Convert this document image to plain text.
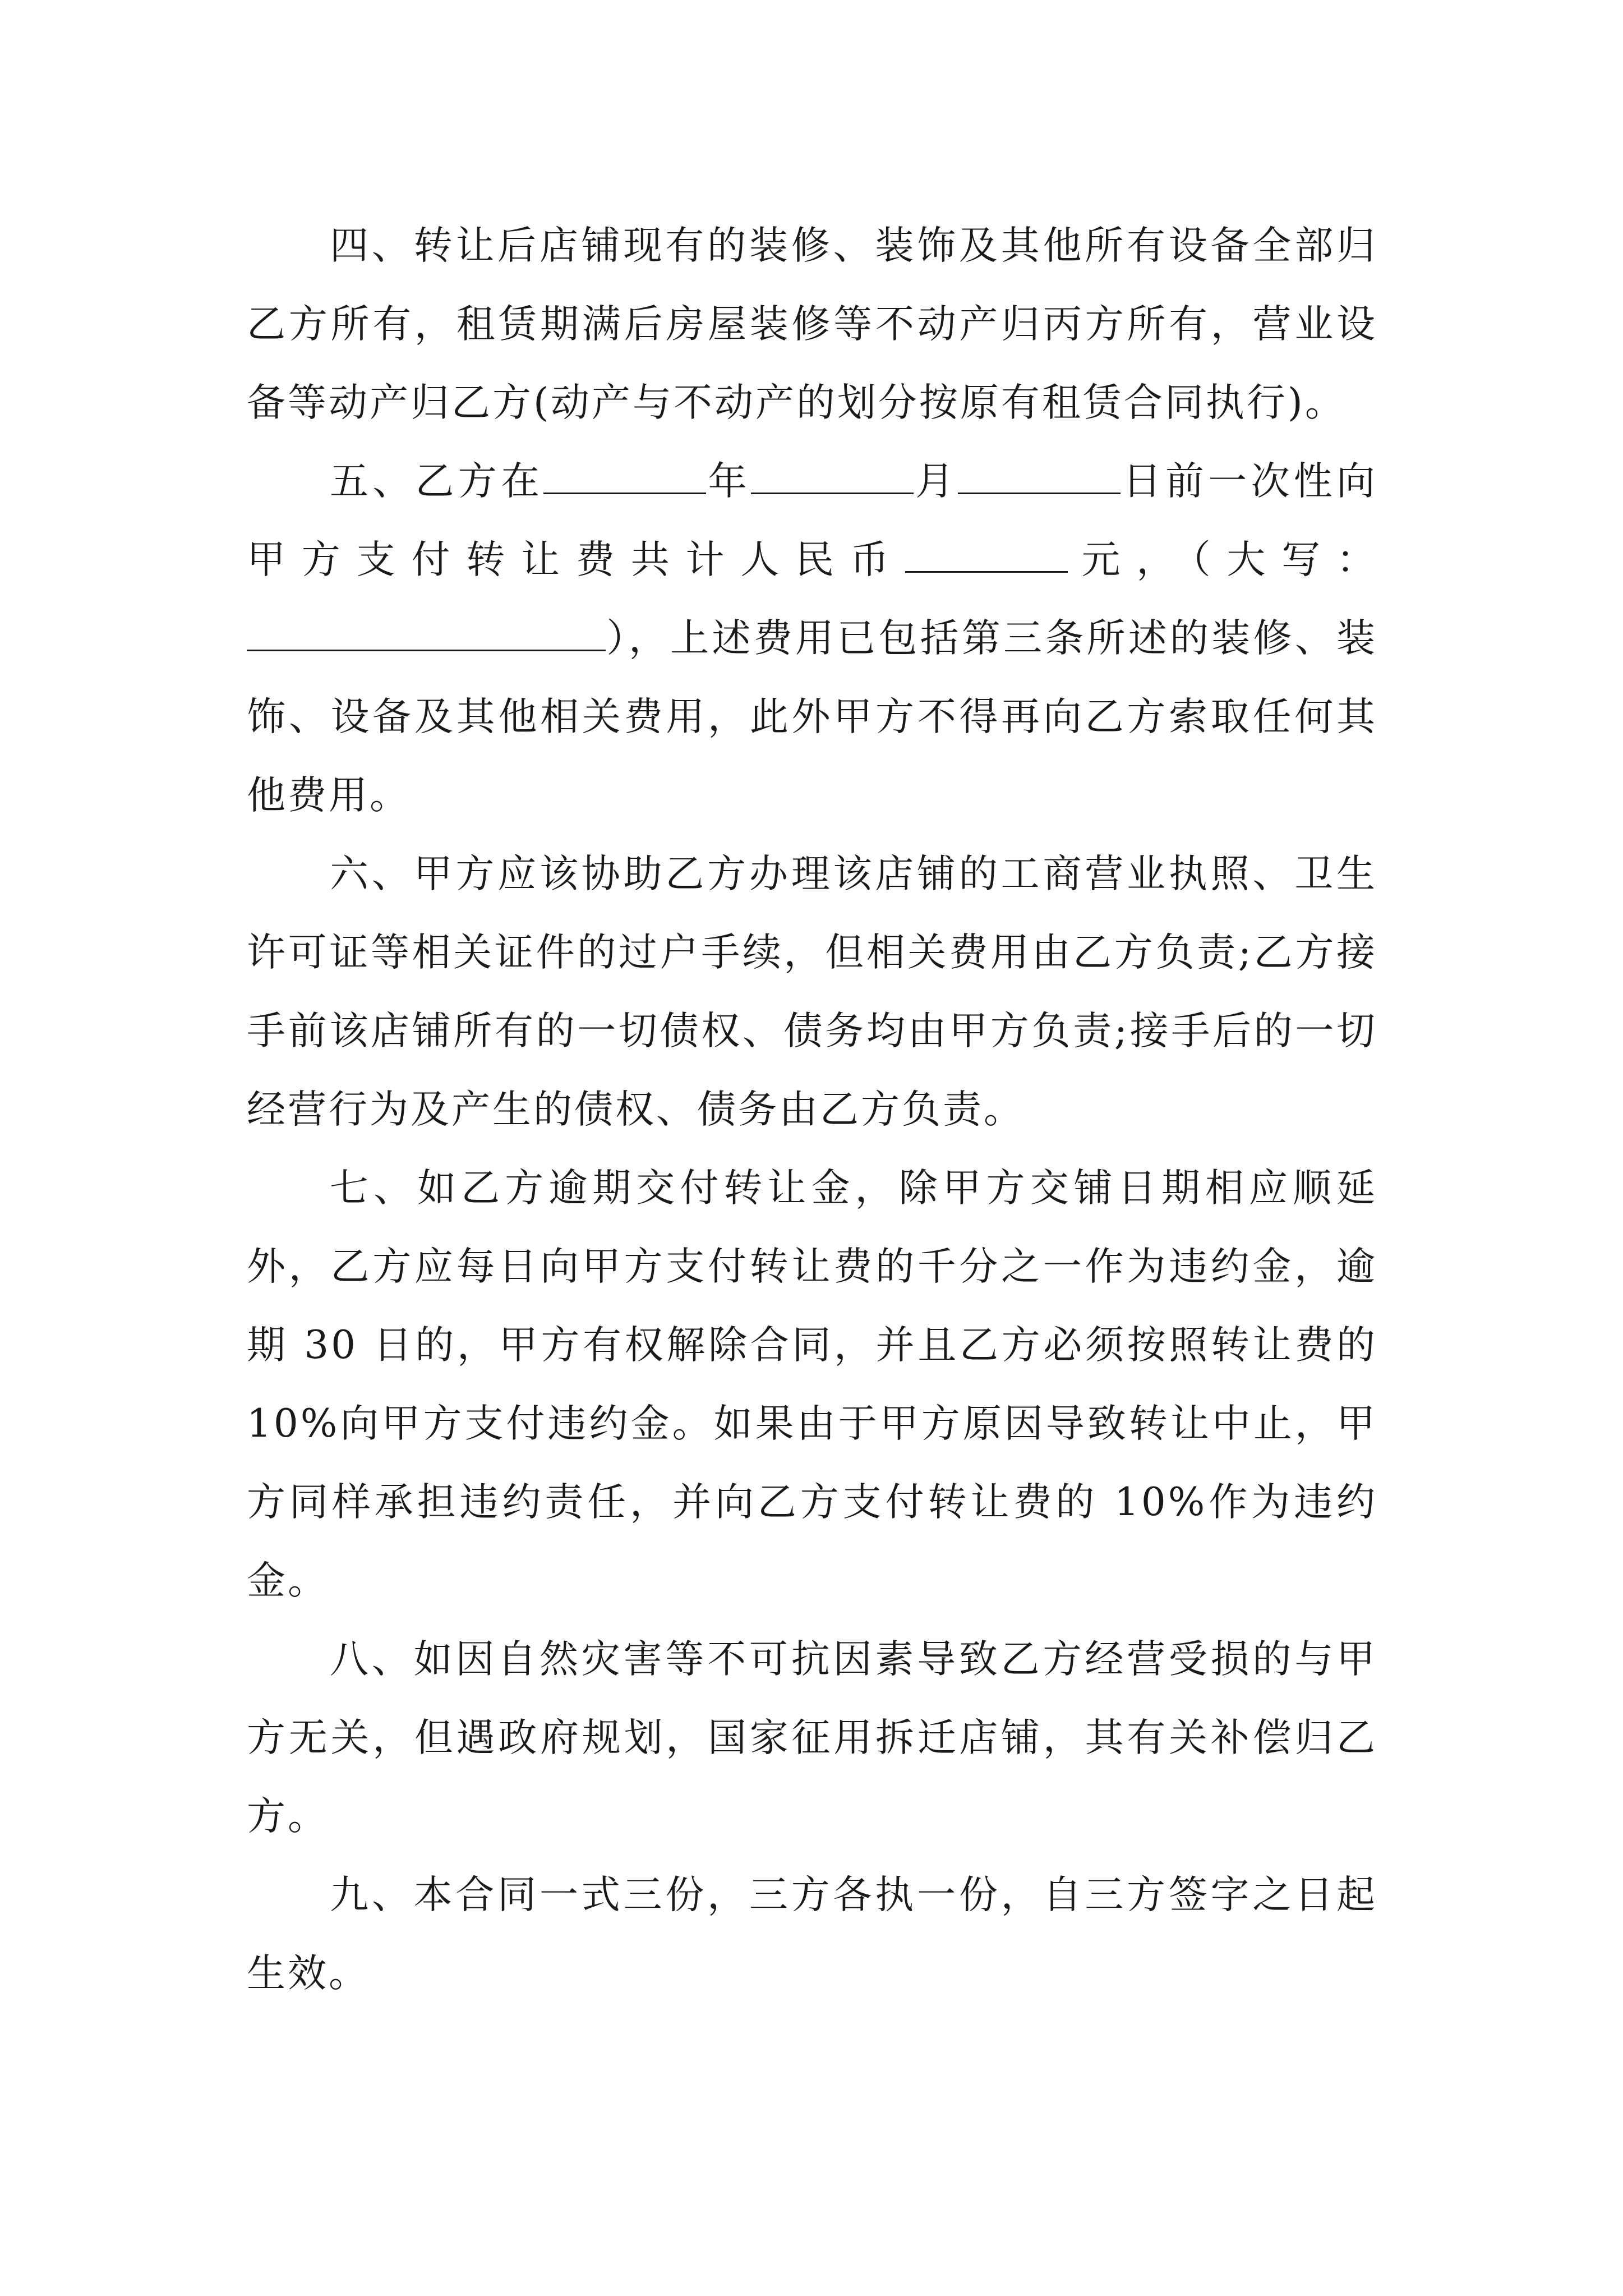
四、转让后店铺现有的装修、装饰及其他所有设备全部归乙方所有，租赁期满后房屋装修等不动产归丙方所有，营业设备等动产归乙方(动产与不动产的划分按原有租赁合同执行)。

五、乙方在	年	月	日前一次性向甲方支付转让费共计人民币	元，（大写：），上述费用已包括第三条所述的装修、装饰、设备及其他相关费用，此外甲方不得再向乙方索取任何其他费用。

六、甲方应该协助乙方办理该店铺的工商营业执照、卫生许可证等相关证件的过户手续，但相关费用由乙方负责;乙方接手前该店铺所有的一切债权、债务均由甲方负责;接手后的一切经营行为及产生的债权、债务由乙方负责。

七、如乙方逾期交付转让金，除甲方交铺日期相应顺延外，乙方应每日向甲方支付转让费的千分之一作为违约金，逾期 30 日的，甲方有权解除合同，并且乙方必须按照转让费的 10%向甲方支付违约金。如果由于甲方原因导致转让中止，甲方同样承担违约责任，并向乙方支付转让费的 10%作为违约金。

八、如因自然灾害等不可抗因素导致乙方经营受损的与甲方无关，但遇政府规划，国家征用拆迁店铺，其有关补偿归乙方。

九、本合同一式三份，三方各执一份，自三方签字之日起生效。
